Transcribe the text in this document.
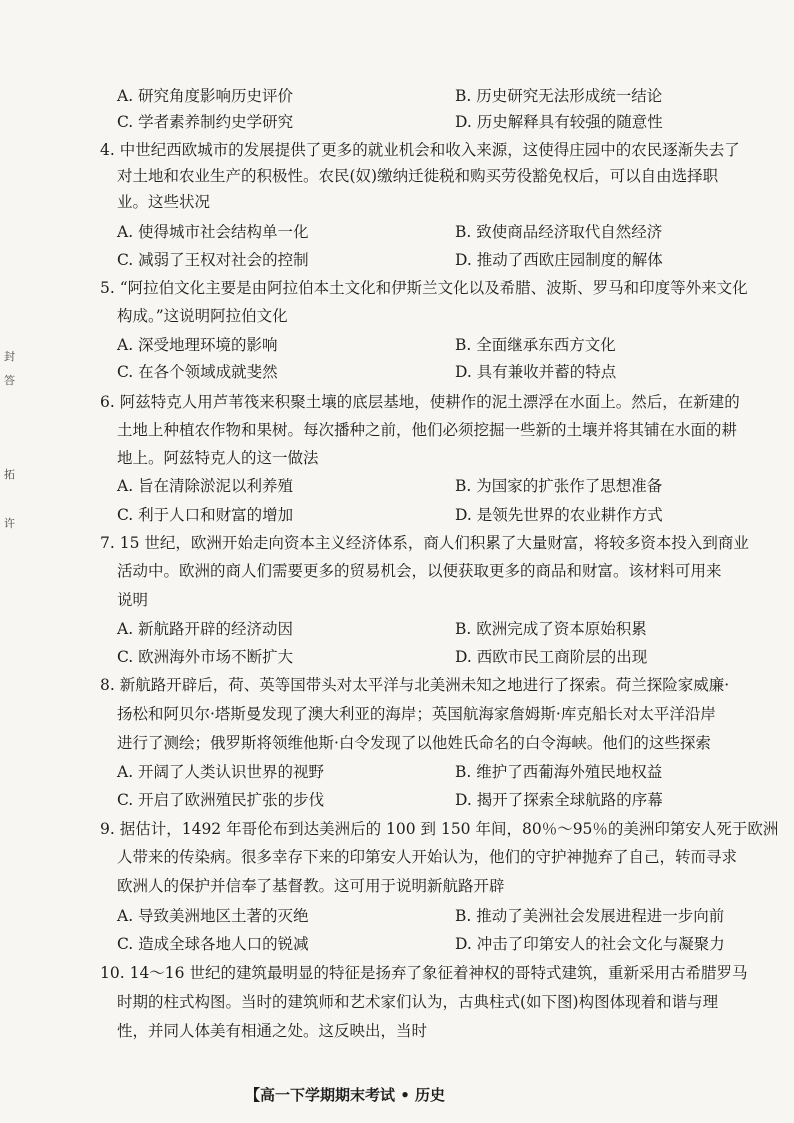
A. 研究角度影响历史评价	B. 历史研究无法形成统一结论
C. 学者素养制约史学研究	D. 历史解释具有较强的随意性
4. 中世纪西欧城市的发展提供了更多的就业机会和收入来源，这使得庄园中的农民逐渐失去了
对土地和农业生产的积极性。农民(奴)缴纳迁徙税和购买劳役豁免权后，可以自由选择职
业。这些状况
A. 使得城市社会结构单一化	B. 致使商品经济取代自然经济
C. 减弱了王权对社会的控制	D. 推动了西欧庄园制度的解体
5. “阿拉伯文化主要是由阿拉伯本土文化和伊斯兰文化以及希腊、波斯、罗马和印度等外来文化
构成。”这说明阿拉伯文化
A. 深受地理环境的影响	B. 全面继承东西方文化
C. 在各个领域成就斐然	D. 具有兼收并蓄的特点
6. 阿兹特克人用芦苇筏来积聚土壤的底层基地，使耕作的泥土漂浮在水面上。然后，在新建的
土地上种植农作物和果树。每次播种之前，他们必须挖掘一些新的土壤并将其铺在水面的耕
地上。阿兹特克人的这一做法
A. 旨在清除淤泥以利养殖	B. 为国家的扩张作了思想准备
C. 利于人口和财富的增加	D. 是领先世界的农业耕作方式
7. 15 世纪，欧洲开始走向资本主义经济体系，商人们积累了大量财富，将较多资本投入到商业
活动中。欧洲的商人们需要更多的贸易机会，以便获取更多的商品和财富。该材料可用来
说明
A. 新航路开辟的经济动因	B. 欧洲完成了资本原始积累
C. 欧洲海外市场不断扩大	D. 西欧市民工商阶层的出现
8. 新航路开辟后，荷、英等国带头对太平洋与北美洲未知之地进行了探索。荷兰探险家威廉·
扬松和阿贝尔·塔斯曼发现了澳大利亚的海岸；英国航海家詹姆斯·库克船长对太平洋沿岸
进行了测绘；俄罗斯将领维他斯·白令发现了以他姓氏命名的白令海峡。他们的这些探索
A. 开阔了人类认识世界的视野	B. 维护了西葡海外殖民地权益
C. 开启了欧洲殖民扩张的步伐	D. 揭开了探索全球航路的序幕
9. 据估计，1492 年哥伦布到达美洲后的 100 到 150 年间，80％～95％的美洲印第安人死于欧洲
人带来的传染病。很多幸存下来的印第安人开始认为，他们的守护神抛弃了自己，转而寻求
欧洲人的保护并信奉了基督教。这可用于说明新航路开辟
A. 导致美洲地区土著的灭绝	B. 推动了美洲社会发展进程进一步向前
C. 造成全球各地人口的锐减	D. 冲击了印第安人的社会文化与凝聚力
10. 14～16 世纪的建筑最明显的特征是扬弃了象征着神权的哥特式建筑，重新采用古希腊罗马
时期的柱式构图。当时的建筑师和艺术家们认为，古典柱式(如下图)构图体现着和谐与理
性，并同人体美有相通之处。这反映出，当时
封
答
拓
许
【高一下学期期末考试 • 历史
